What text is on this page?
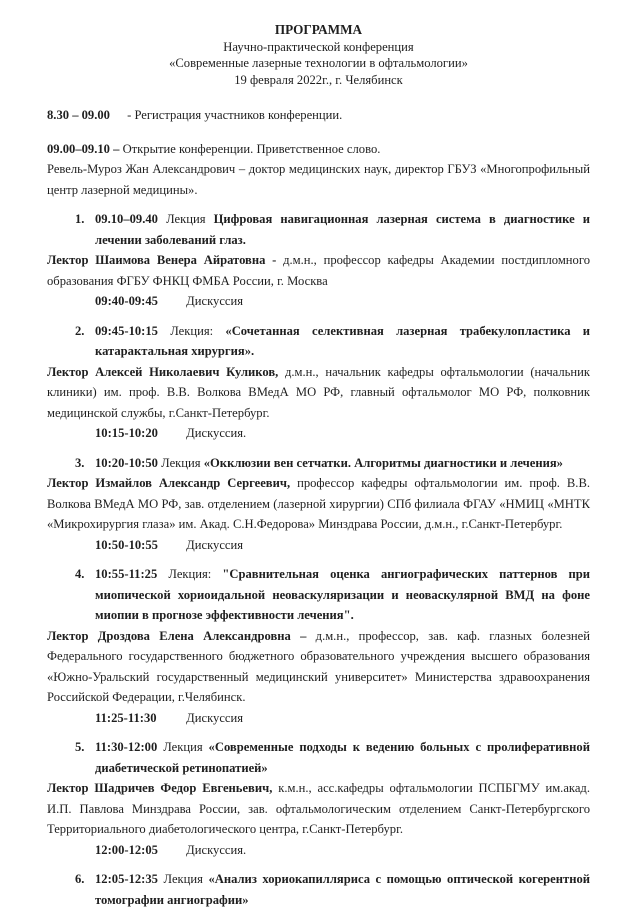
ПРОГРАММА
Научно-практической конференция
«Современные лазерные технологии в офтальмологии»
19 февраля 2022г., г. Челябинск

8.30 – 09.00 - Регистрация участников конференции.

09.00–09.10 – Открытие конференции. Приветственное слово.

Ревель-Муроз Жан Александрович – доктор медицинских наук, директор ГБУЗ «Многопрофильный центр лазерной медицины».

1. 09.10–09.40 Лекция Цифровая навигационная лазерная система в диагностике и лечении заболеваний глаз.

Лектор Шаимова Венера Айратовна - д.м.н., профессор кафедры Академии постдипломного образования ФГБУ ФНКЦ ФМБА России, г. Москва

09:40-09:45 Дискуссия

2. 09:45-10:15 Лекция: «Сочетанная селективная лазерная трабекулопластика и катарактальная хирургия».

Лектор Алексей Николаевич Куликов, д.м.н., начальник кафедры офтальмологии (начальник клиники) им. проф. В.В. Волкова ВМедА МО РФ, главный офтальмолог МО РФ, полковник медицинской службы, г.Санкт-Петербург.

10:15-10:20 Дискуссия.

3. 10:20-10:50 Лекция «Окклюзии вен сетчатки. Алгоритмы диагностики и лечения»

Лектор Измайлов Александр Сергеевич, профессор кафедры офтальмологии им. проф. В.В. Волкова ВМедА МО РФ, зав. отделением (лазерной хирургии) СПб филиала ФГАУ «НМИЦ «МНТК «Микрохирургия глаза» им. Акад. С.Н.Федорова» Минздрава России, д.м.н., г.Санкт-Петербург.

10:50-10:55 Дискуссия

4. 10:55-11:25 Лекция: "Сравнительная оценка ангиографических паттернов при миопической хориоидальной неоваскуляризации и неоваскулярной ВМД на фоне миопии в прогнозе эффективности лечения".

Лектор Дроздова Елена Александровна – д.м.н., профессор, зав. каф. глазных болезней Федерального государственного бюджетного образовательного учреждения высшего образования «Южно-Уральский государственный медицинский университет» Министерства здравоохранения Российской Федерации, г.Челябинск.

11:25-11:30 Дискуссия

5. 11:30-12:00 Лекция «Современные подходы к ведению больных с пролиферативной диабетической ретинопатией»

Лектор Шадричев Федор Евгеньевич, к.м.н., асс.кафедры офтальмологии ПСПБГМУ им.акад. И.П. Павлова Минздрава России, зав. офтальмологическим отделением Санкт-Петербургского Территориального диабетологического центра, г.Санкт-Петербург.

12:00-12:05 Дискуссия.

6. 12:05-12:35 Лекция «Анализ хориокапилляриса с помощью оптической когерентной томографии ангиографии»
